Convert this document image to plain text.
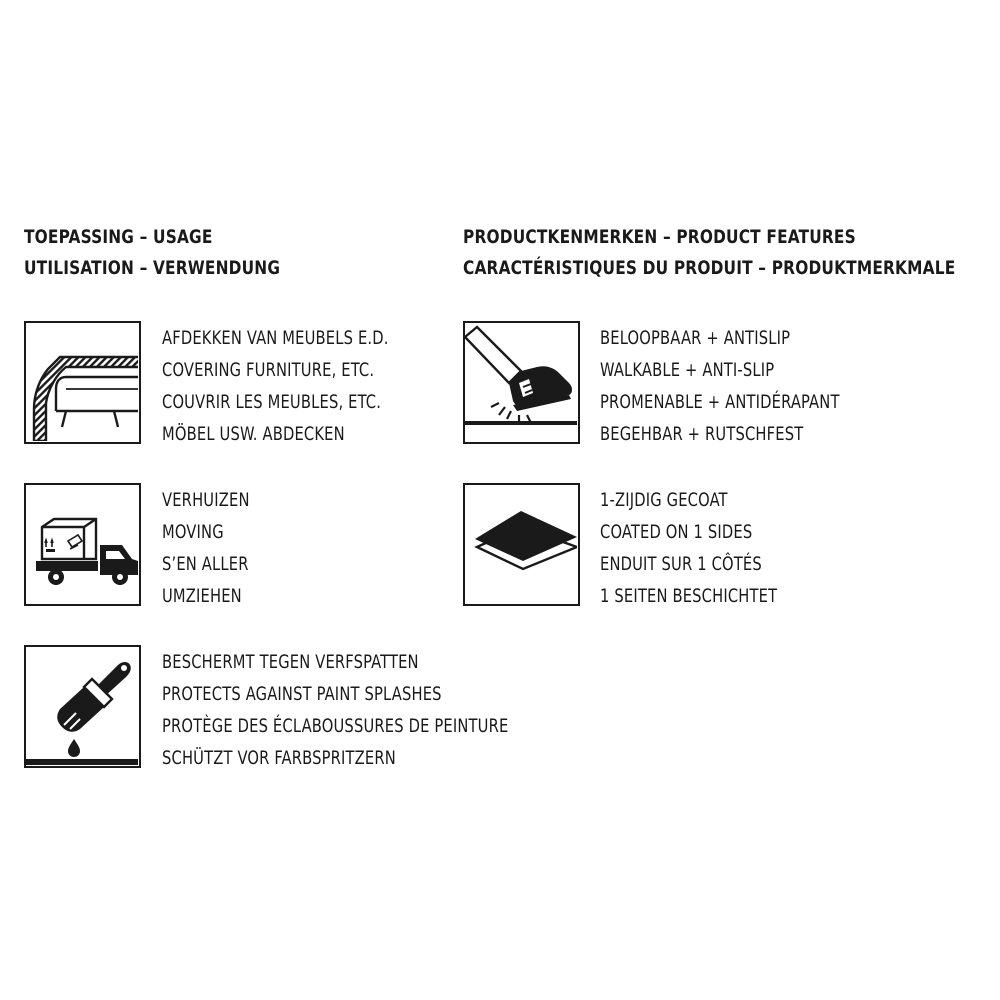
TOEPASSING – USAGE
UTILISATION – VERWENDUNG
PRODUCTKENMERKEN – PRODUCT FEATURES
CARACTÉRISTIQUES DU PRODUIT – PRODUKTMERKMALE
AFDEKKEN VAN MEUBELS E.D.
COVERING FURNITURE, ETC.
COUVRIR LES MEUBLES, ETC.
MÖBEL USW. ABDECKEN
VERHUIZEN
MOVING
S’EN ALLER
UMZIEHEN
BESCHERMT TEGEN VERFSPATTEN
PROTECTS AGAINST PAINT SPLASHES
PROTÈGE DES ÉCLABOUSSURES DE PEINTURE
SCHÜTZT VOR FARBSPRITZERN
BELOOPBAAR + ANTISLIP
WALKABLE + ANTI-SLIP
PROMENABLE + ANTIDÉRAPANT
BEGEHBAR + RUTSCHFEST
1-ZIJDIG GECOAT
COATED ON 1 SIDES
ENDUIT SUR 1 CÔTÉS
1 SEITEN BESCHICHTET
